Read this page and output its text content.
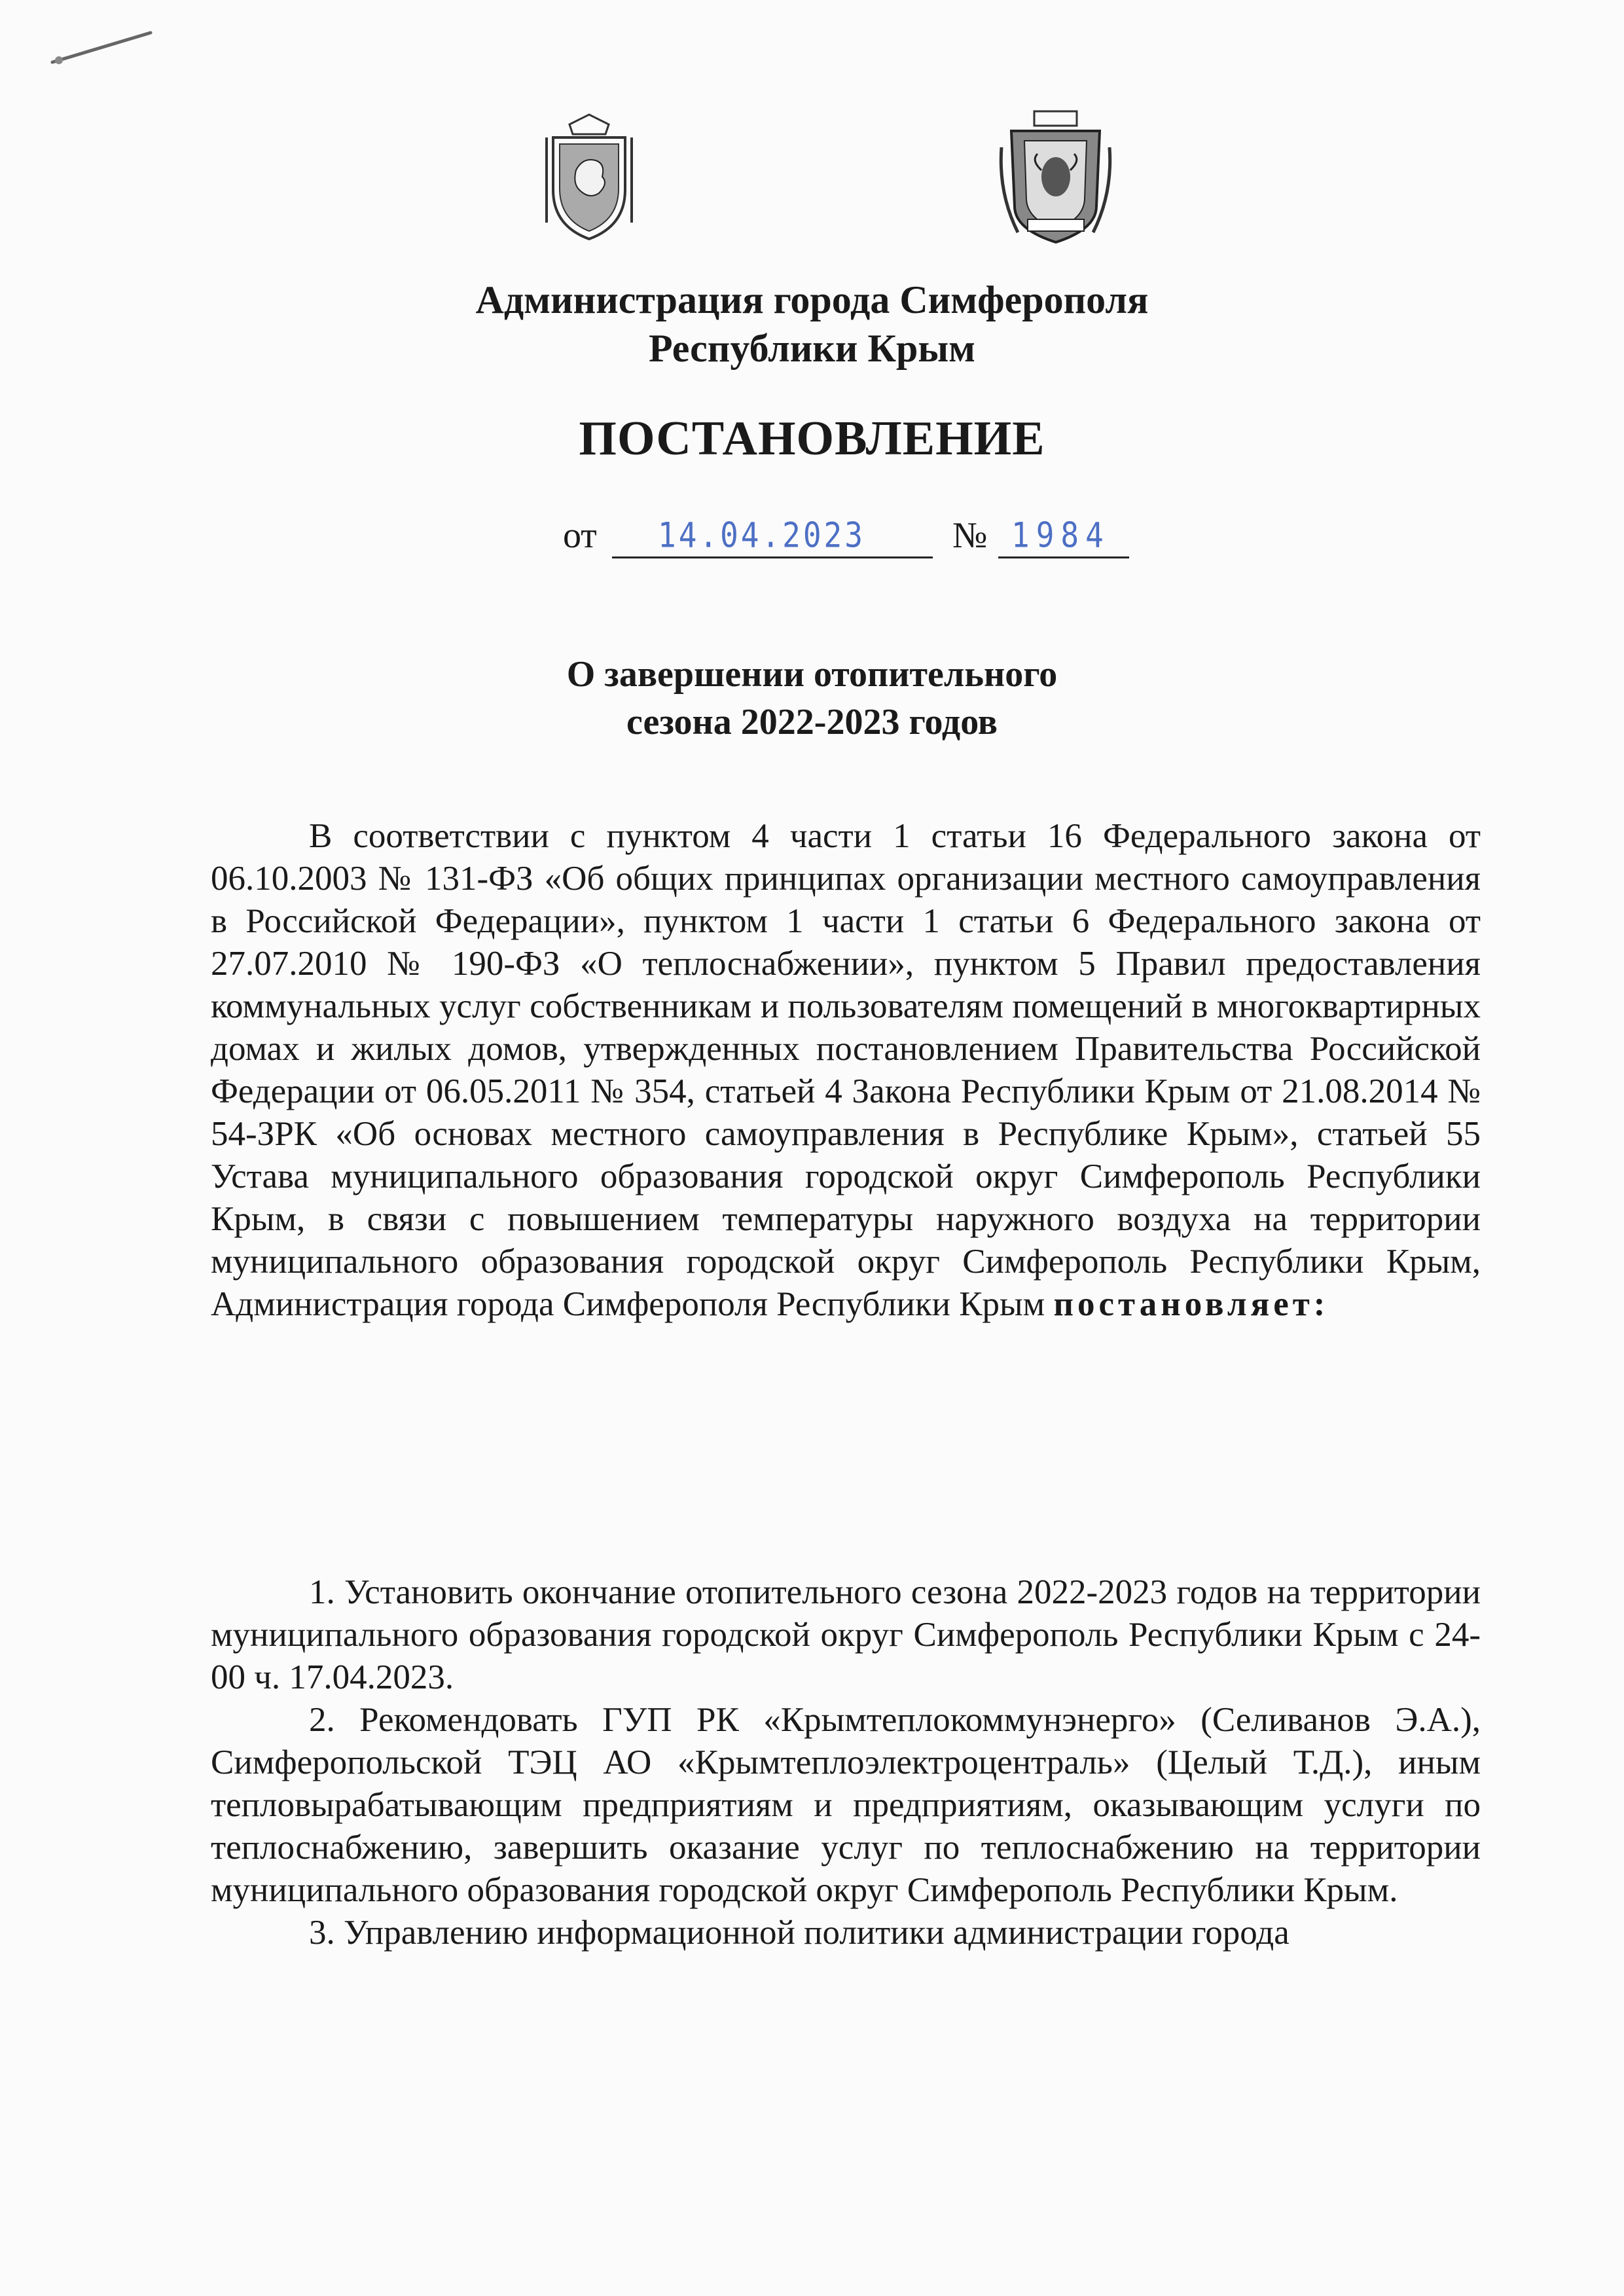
Администрация города Симферополя
Республики Крым
ПОСТАНОВЛЕНИЕ
от 14.04.2023 № 1984
О завершении отопительного
сезона 2022-2023 годов

В соответствии с пунктом 4 части 1 статьи 16 Федерального закона от 06.10.2003 № 131-ФЗ «Об общих принципах организации местного самоуправления в Российской Федерации», пунктом 1 части 1 статьи 6 Федерального закона от 27.07.2010 № 190-ФЗ «О теплоснабжении», пунктом 5 Правил предоставления коммунальных услуг собственникам и пользователям помещений в многоквартирных домах и жилых домов, утвержденных постановлением Правительства Российской Федерации от 06.05.2011 № 354, статьей 4 Закона Республики Крым от 21.08.2014 № 54-ЗРК «Об основах местного самоуправления в Республике Крым», статьей 55 Устава муниципального образования городской округ Симферополь Республики Крым, в связи с повышением температуры наружного воздуха на территории муниципального образования городской округ Симферополь Республики Крым, Администрация города Симферополя Республики Крым постановляет:

1. Установить окончание отопительного сезона 2022-2023 годов на территории муниципального образования городской округ Симферополь Республики Крым с 24-00 ч. 17.04.2023.

2. Рекомендовать ГУП РК «Крымтеплокоммунэнерго» (Селиванов Э.А.), Симферопольской ТЭЦ АО «Крымтеплоэлектроцентраль» (Целый Т.Д.), иным тепловырабатывающим предприятиям и предприятиям, оказывающим услуги по теплоснабжению, завершить оказание услуг по теплоснабжению на территории муниципального образования городской округ Симферополь Республики Крым.

3. Управлению информационной политики администрации города
